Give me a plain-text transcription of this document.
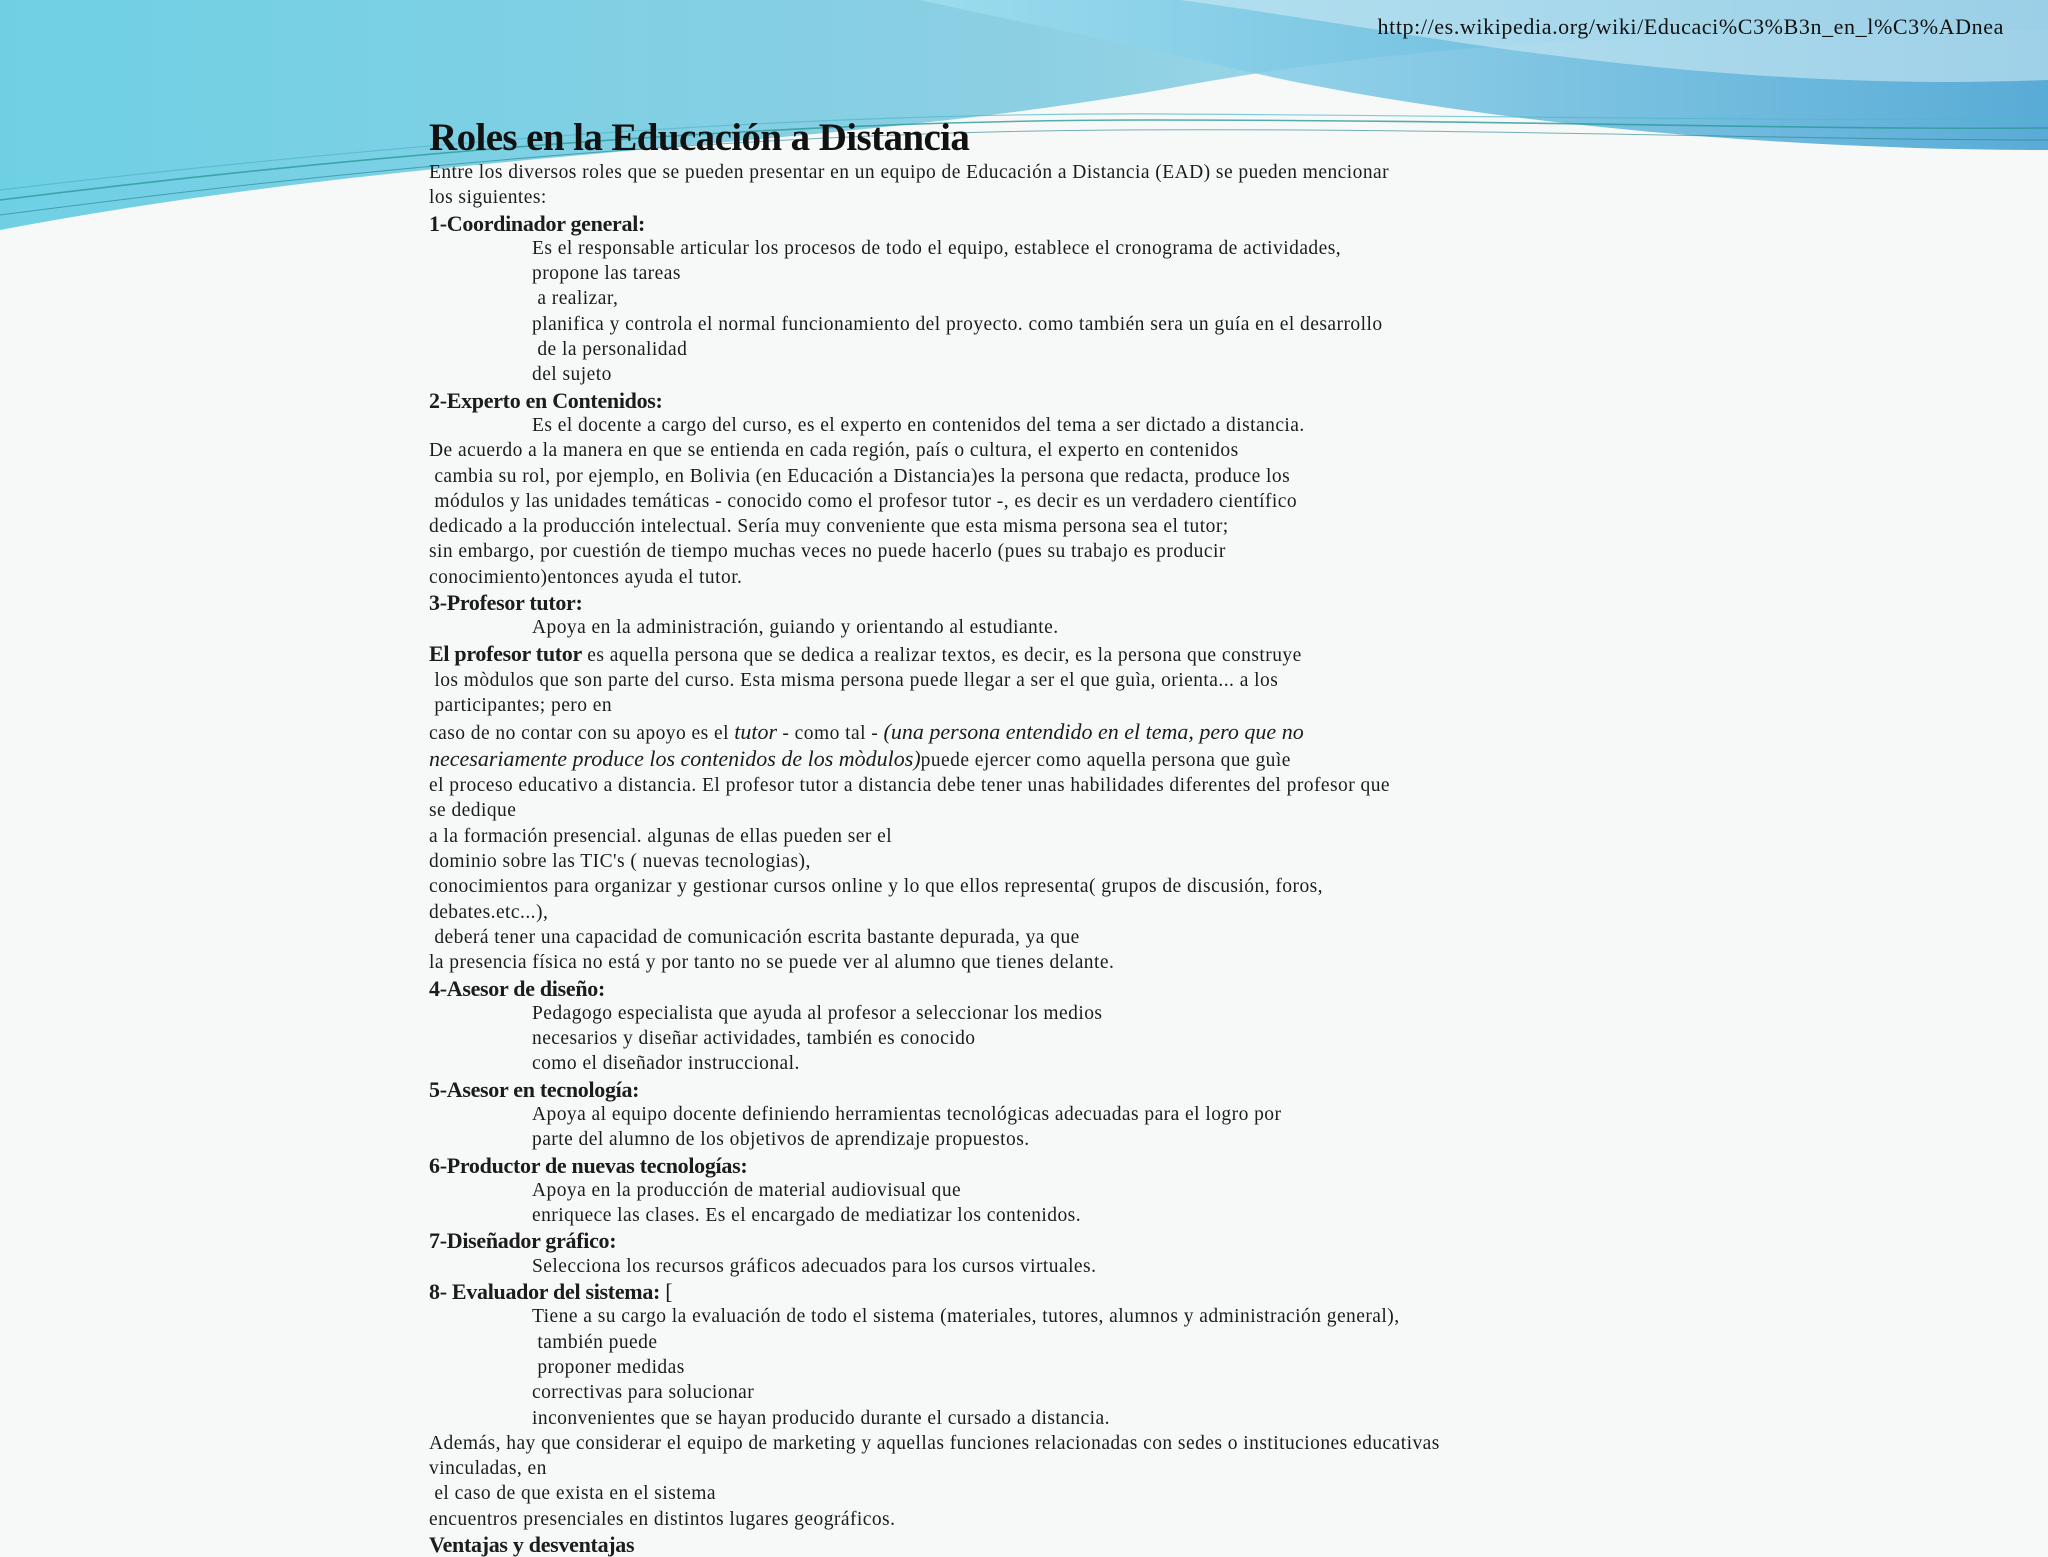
http://es.wikipedia.org/wiki/Educaci%C3%B3n_en_l%C3%ADnea
Roles en la Educación a Distancia
Entre los diversos roles que se pueden presentar en un equipo de Educación a Distancia (EAD) se pueden mencionar
los siguientes:
1-Coordinador general:
Es el responsable articular los procesos de todo el equipo, establece el cronograma de actividades,
propone las tareas
a realizar,
planifica y controla el normal funcionamiento del proyecto. como también sera un guía en el desarrollo
de la personalidad
del sujeto
2-Experto en Contenidos:
Es el docente a cargo del curso, es el experto en contenidos del tema a ser dictado a distancia.
De acuerdo a la manera en que se entienda en cada región, país o cultura, el experto en contenidos
cambia su rol, por ejemplo, en Bolivia (en Educación a Distancia)es la persona que redacta, produce los
módulos y las unidades temáticas - conocido como el profesor tutor -, es decir es un verdadero científico
dedicado a la producción intelectual. Sería muy conveniente que esta misma persona sea el tutor;
sin embargo, por cuestión de tiempo muchas veces no puede hacerlo (pues su trabajo es producir
conocimiento)entonces ayuda el tutor.
3-Profesor tutor:
Apoya en la administración, guiando y orientando al estudiante.
El profesor tutor es aquella persona que se dedica a realizar textos, es decir, es la persona que construye
los mòdulos que son parte del curso. Esta misma persona puede llegar a ser el que guìa, orienta... a los
participantes; pero en
caso de no contar con su apoyo es el tutor - como tal - (una persona entendido en el tema, pero que no
necesariamente produce los contenidos de los mòdulos)puede ejercer como aquella persona que guìe
el proceso educativo a distancia. El profesor tutor a distancia debe tener unas habilidades diferentes del profesor que
se dedique
a la formación presencial. algunas de ellas pueden ser el
dominio sobre las TIC's ( nuevas tecnologias),
conocimientos para organizar y gestionar cursos online y lo que ellos representa( grupos de discusión, foros,
debates.etc...),
deberá tener una capacidad de comunicación escrita bastante depurada, ya que
la presencia física no está y por tanto no se puede ver al alumno que tienes delante.
4-Asesor de diseño:
Pedagogo especialista que ayuda al profesor a seleccionar los medios
necesarios y diseñar actividades, también es conocido
como el diseñador instruccional.
5-Asesor en tecnología:
Apoya al equipo docente definiendo herramientas tecnológicas adecuadas para el logro por
parte del alumno de los objetivos de aprendizaje propuestos.
6-Productor de nuevas tecnologías:
Apoya en la producción de material audiovisual que
enriquece las clases. Es el encargado de mediatizar los contenidos.
7-Diseñador gráfico:
Selecciona los recursos gráficos adecuados para los cursos virtuales.
8- Evaluador del sistema: [
Tiene a su cargo la evaluación de todo el sistema (materiales, tutores, alumnos y administración general),
también puede
proponer medidas
correctivas para solucionar
inconvenientes que se hayan producido durante el cursado a distancia.
Además, hay que considerar el equipo de marketing y aquellas funciones relacionadas con sedes o instituciones educativas
vinculadas, en
el caso de que exista en el sistema
encuentros presenciales en distintos lugares geográficos.
Ventajas y desventajas
